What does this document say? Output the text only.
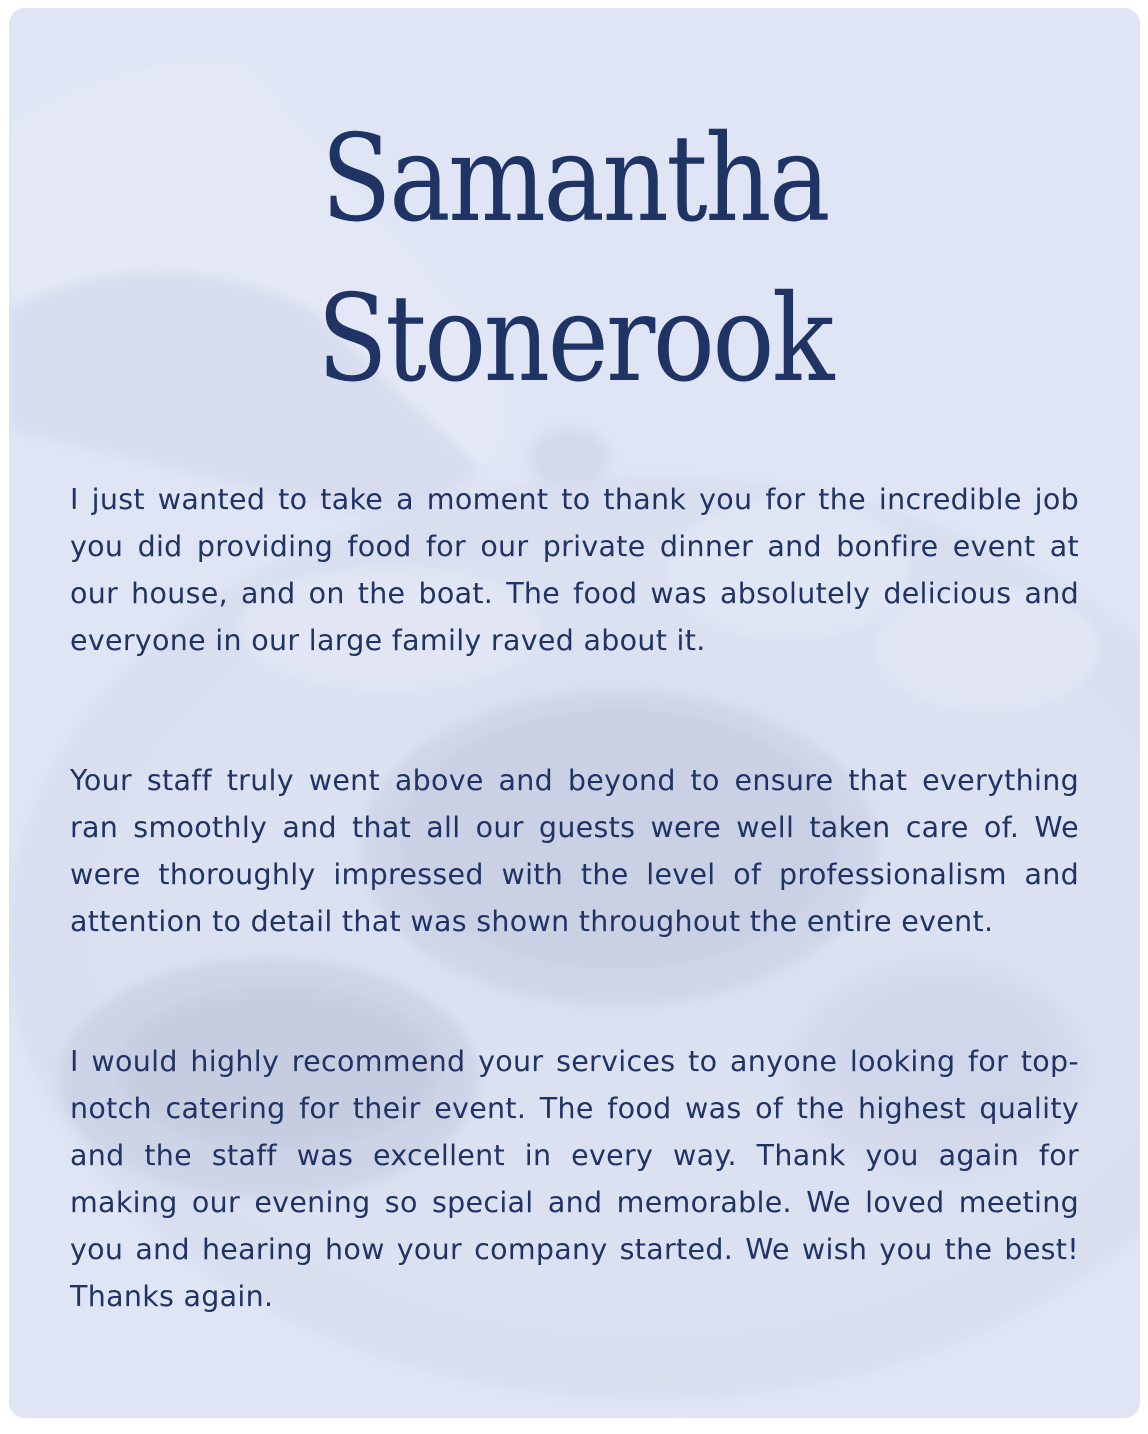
Samantha
Stonerook

I just wanted to take a moment to thank you for the incredible job you did providing food for our private dinner and bonfire event at our house, and on the boat. The food was absolutely delicious and everyone in our large family raved about it.

Your staff truly went above and beyond to ensure that everything ran smoothly and that all our guests were well taken care of. We were thoroughly impressed with the level of professionalism and attention to detail that was shown throughout the entire event.

I would highly recommend your services to anyone looking for top-notch catering for their event. The food was of the highest quality and the staff was excellent in every way. Thank you again for making our evening so special and memorable. We loved meeting you and hearing how your company started. We wish you the best! Thanks again.
